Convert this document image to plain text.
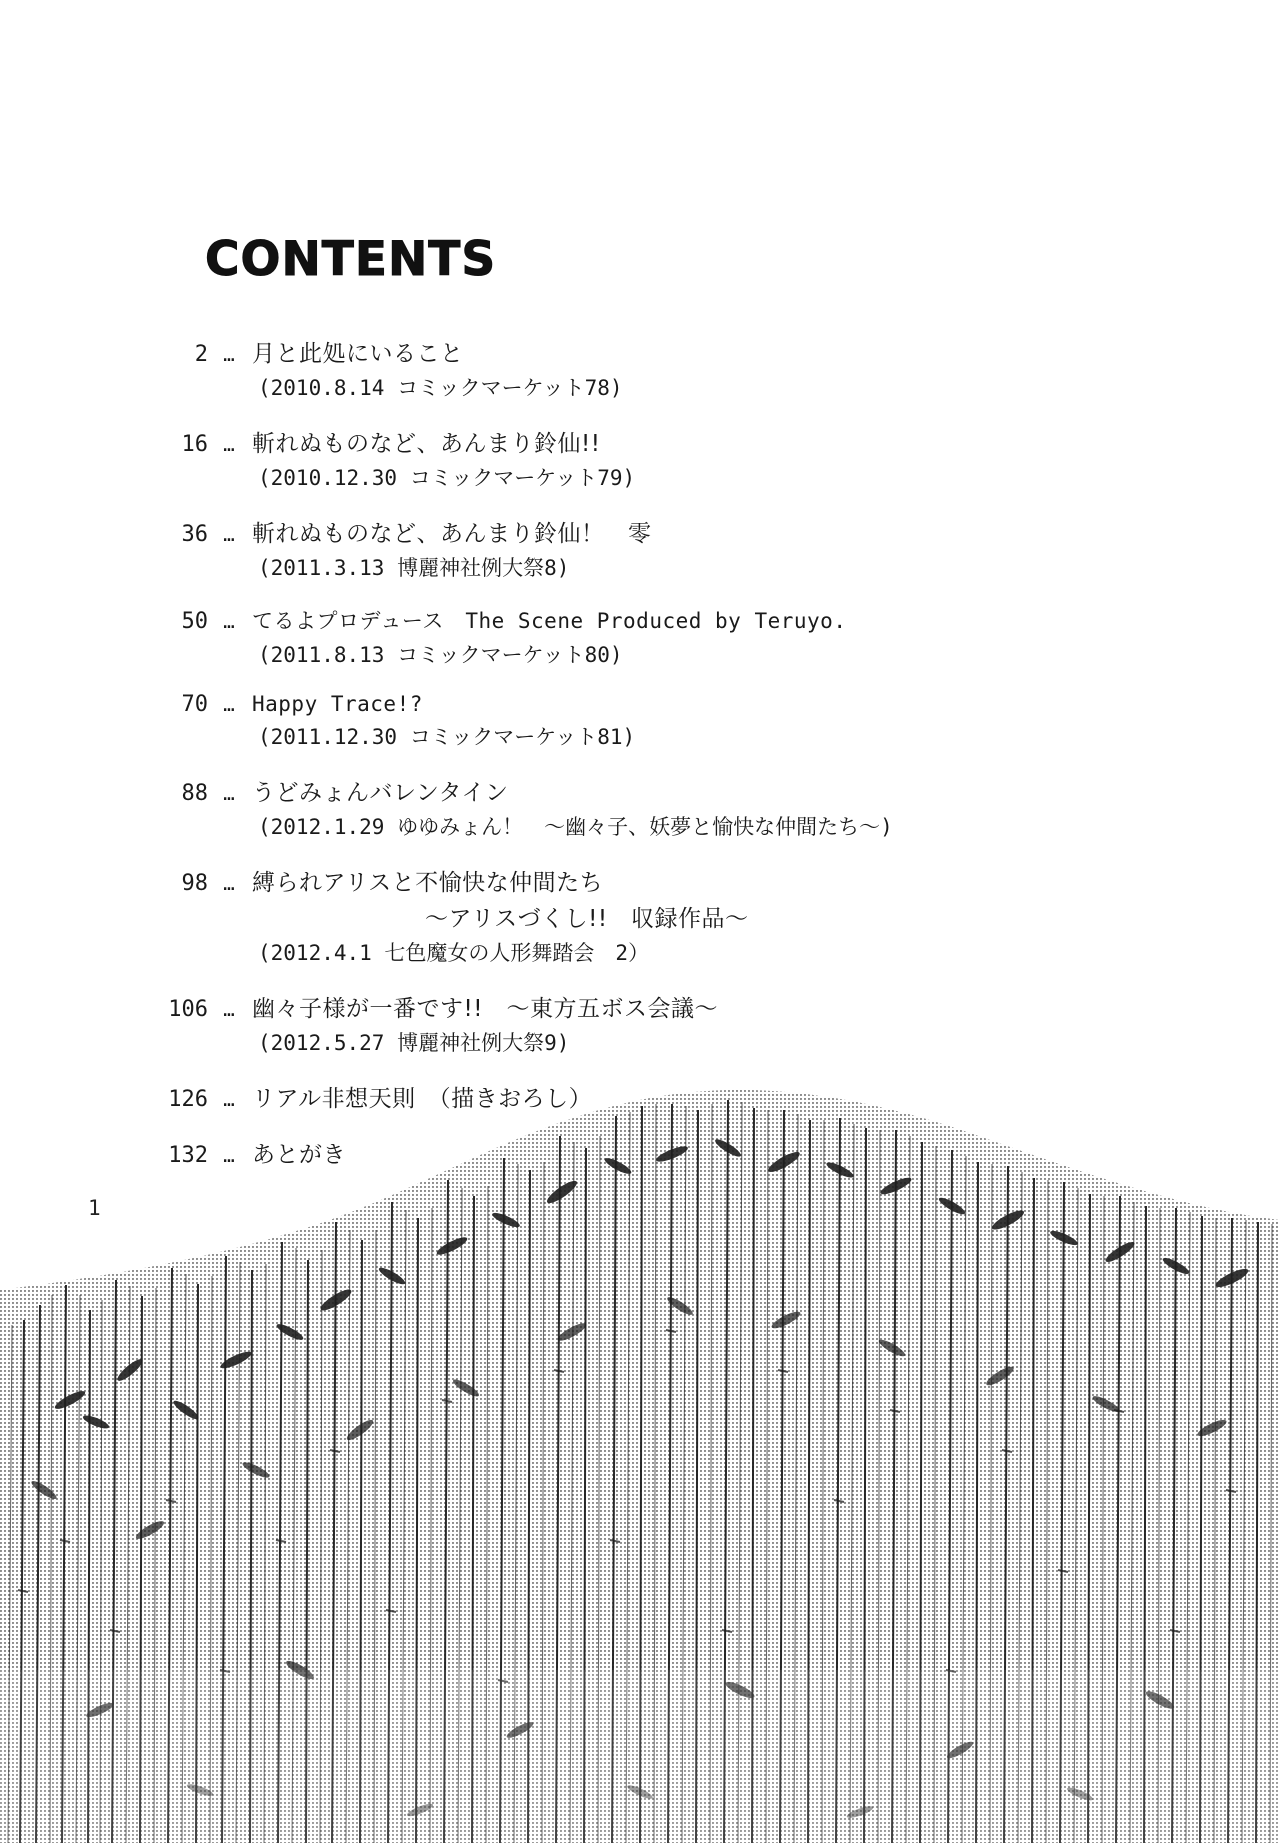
CONTENTS
2 … 月と此処にいること
(2010.8.14 コミックマーケット78)
16 … 斬れぬものなど、あんまり鈴仙!!
(2010.12.30 コミックマーケット79)
36 … 斬れぬものなど、あんまり鈴仙！　零
(2011.3.13 博麗神社例大祭8)
50 … てるよプロデュース　The Scene Produced by Teruyo.
(2011.8.13 コミックマーケット80)
70 … Happy Trace!?
(2011.12.30 コミックマーケット81)
88 … うどみょんバレンタイン
(2012.1.29 ゆゆみょん！　〜幽々子、妖夢と愉快な仲間たち〜)
98 … 縛られアリスと不愉快な仲間たち
〜アリスづくし!!　収録作品〜
(2012.4.1 七色魔女の人形舞踏会　2）
106 … 幽々子様が一番です!!　〜東方五ボス会議〜
(2012.5.27 博麗神社例大祭9)
126 … リアル非想天則　（描きおろし）
132 … あとがき
1
